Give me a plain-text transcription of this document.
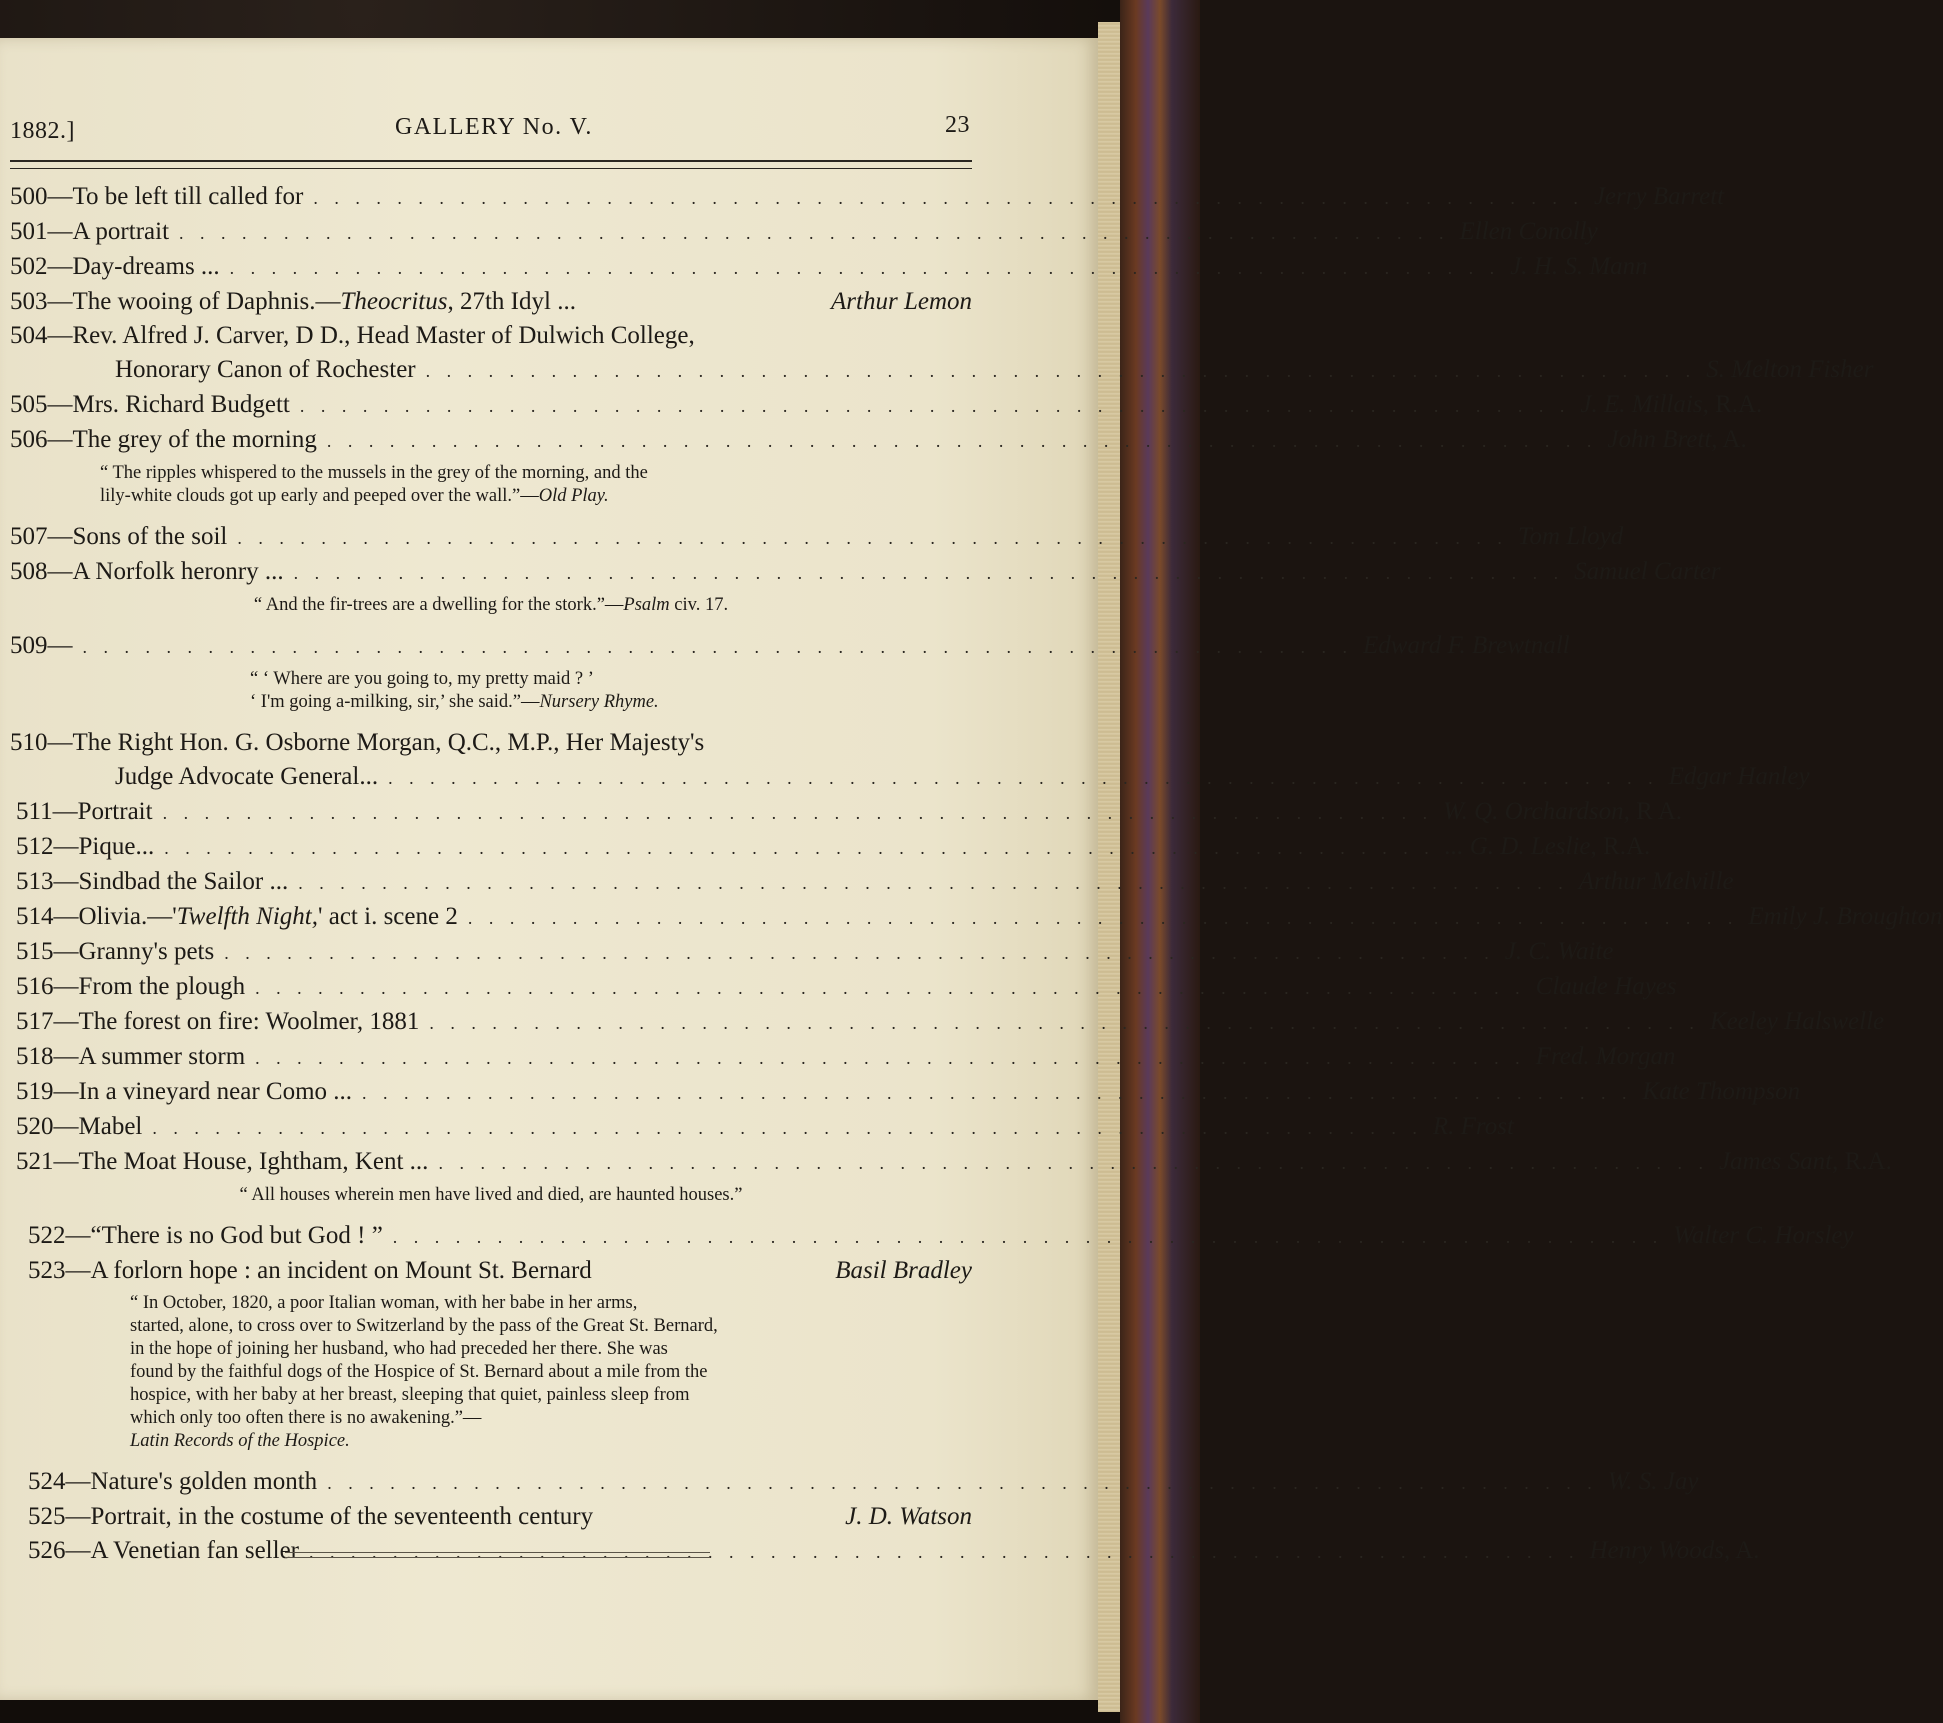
1882.]	GALLERY No. V.	23
500 — To be left till called for . . . . . . . . . . . . . . . . . . . . . . . . . . . . . . . . . . . . . . . . . . . . . . . . . . . . . . . . . . . . . Jerry Barrett
501 — A portrait . . . . . . . . . . . . . . . . . . . . . . . . . . . . . . . . . . . . . . . . . . . . . . . . . . . . . . . . . . . . . Ellen Conolly
502 — Day-dreams ... . . . . . . . . . . . . . . . . . . . . . . . . . . . . . . . . . . . . . . . . . . . . . . . . . . . . . . . . . . . . . J. H. S. Mann
503 — The wooing of Daphnis.—Theocritus, 27th Idyl ...	Arthur Lemon
504 — Rev. Alfred J. Carver, D D., Head Master of Dulwich College,
Honorary Canon of Rochester . . . . . . . . . . . . . . . . . . . . . . . . . . . . . . . . . . . . . . . . . . . . . . . . . . . . . . . . . . . . . S. Melton Fisher
505 — Mrs. Richard Budgett . . . . . . . . . . . . . . . . . . . . . . . . . . . . . . . . . . . . . . . . . . . . . . . . . . . . . . . . . . . . . J. E. Millais, R.A.
506 — The grey of the morning . . . . . . . . . . . . . . . . . . . . . . . . . . . . . . . . . . . . . . . . . . . . . . . . . . . . . . . . . . . . . John Brett, A.
“ The ripples whispered to the mussels in the grey of the morning, and the
lily-white clouds got up early and peeped over the wall.”—Old Play.
507 — Sons of the soil . . . . . . . . . . . . . . . . . . . . . . . . . . . . . . . . . . . . . . . . . . . . . . . . . . . . . . . . . . . . . Tom Lloyd
508 — A Norfolk heronry ... . . . . . . . . . . . . . . . . . . . . . . . . . . . . . . . . . . . . . . . . . . . . . . . . . . . . . . . . . . . . . Samuel Carter
“ And the fir-trees are a dwelling for the stork.”—Psalm civ. 17.
509 — . . . . . . . . . . . . . . . . . . . . . . . . . . . . . . . . . . . . . . . . . . . . . . . . . . . . . . . . . . . . . Edward F. Brewtnall
“ ‘ Where are you going to, my pretty maid ? ’
‘ I'm going a-milking, sir,’ she said.”—Nursery Rhyme.
510 — The Right Hon. G. Osborne Morgan, Q.C., M.P., Her Majesty's
Judge Advocate General... . . . . . . . . . . . . . . . . . . . . . . . . . . . . . . . . . . . . . . . . . . . . . . . . . . . . . . . . . . . . . Edgar Hanley
511 — Portrait . . . . . . . . . . . . . . . . . . . . . . . . . . . . . . . . . . . . . . . . . . . . . . . . . . . . . . . . . . . . . W. Q. Orchardson, R A.
512 — Pique... . . . . . . . . . . . . . . . . . . . . . . . . . . . . . . . . . . . . . . . . . . . . . . . . . . . . . . . . . . . . . ... G. D. Leslie, R.A.
513 — Sindbad the Sailor ... . . . . . . . . . . . . . . . . . . . . . . . . . . . . . . . . . . . . . . . . . . . . . . . . . . . . . . . . . . . . . Arthur Melville
514 — Olivia.—'Twelfth Night,' act i. scene 2 . . . . . . . . . . . . . . . . . . . . . . . . . . . . . . . . . . . . . . . . . . . . . . . . . . . . . . . . . . . . . Emily J. Broughton
515 — Granny's pets . . . . . . . . . . . . . . . . . . . . . . . . . . . . . . . . . . . . . . . . . . . . . . . . . . . . . . . . . . . . . J. C. Waite
516 — From the plough . . . . . . . . . . . . . . . . . . . . . . . . . . . . . . . . . . . . . . . . . . . . . . . . . . . . . . . . . . . . . Claude Hayes
517 — The forest on fire: Woolmer, 1881 . . . . . . . . . . . . . . . . . . . . . . . . . . . . . . . . . . . . . . . . . . . . . . . . . . . . . . . . . . . . . Keeley Halswelle
518 — A summer storm . . . . . . . . . . . . . . . . . . . . . . . . . . . . . . . . . . . . . . . . . . . . . . . . . . . . . . . . . . . . . Fred. Morgan
519 — In a vineyard near Como ... . . . . . . . . . . . . . . . . . . . . . . . . . . . . . . . . . . . . . . . . . . . . . . . . . . . . . . . . . . . . . Kate Thompson
520 — Mabel . . . . . . . . . . . . . . . . . . . . . . . . . . . . . . . . . . . . . . . . . . . . . . . . . . . . . . . . . . . . . R. Frost
521 — The Moat House, Ightham, Kent ... . . . . . . . . . . . . . . . . . . . . . . . . . . . . . . . . . . . . . . . . . . . . . . . . . . . . . . . . . . . . . James Sant, R.A.
“ All houses wherein men have lived and died, are haunted houses.”
522 — “There is no God but God ! ” . . . . . . . . . . . . . . . . . . . . . . . . . . . . . . . . . . . . . . . . . . . . . . . . . . . . . . . . . . . . . Walter C. Horsley
523 — A forlorn hope : an incident on Mount St. Bernard	Basil Bradley
“ In October, 1820, a poor Italian woman, with her babe in her arms,
started, alone, to cross over to Switzerland by the pass of the Great St. Bernard,
in the hope of joining her husband, who had preceded her there. She was
found by the faithful dogs of the Hospice of St. Bernard about a mile from the
hospice, with her baby at her breast, sleeping that quiet, painless sleep from
which only too often there is no awakening.”—
Latin Records of the Hospice.
524 — Nature's golden month . . . . . . . . . . . . . . . . . . . . . . . . . . . . . . . . . . . . . . . . . . . . . . . . . . . . . . . . . . . . . W. S. Jay
525 — Portrait, in the costume of the seventeenth century	J. D. Watson
526 — A Venetian fan seller . . . . . . . . . . . . . . . . . . . . . . . . . . . . . . . . . . . . . . . . . . . . . . . . . . . . . . . . . . . . . Henry Woods, A.
